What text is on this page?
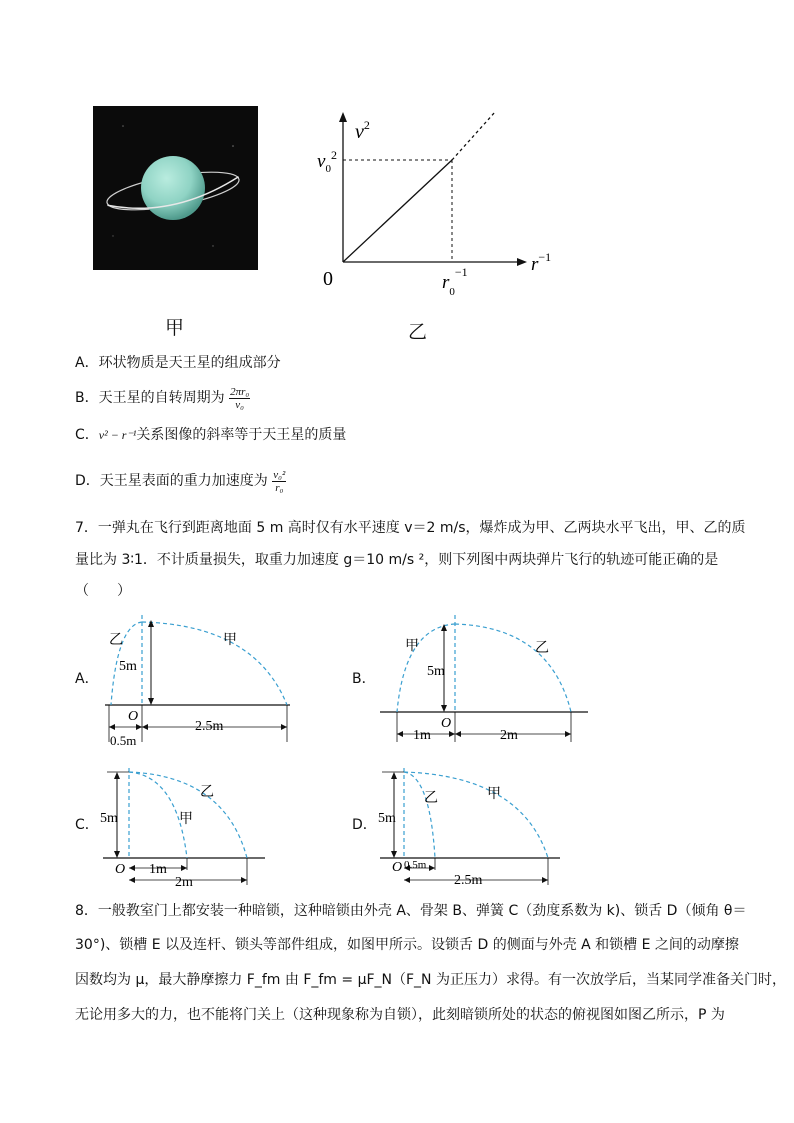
甲
$v^2$
$v_0^2$
0	$r_0^{-1}$	$r^{-1}$
乙
A．环状物质是天王星的组成部分
B．天王星的自转周期为 $\frac{\text{2πr₀}}{\text{v₀}}$
C．v² − r⁻¹关系图像的斜率等于天王星的质量
D．天王星表面的重力加速度为 $\frac{\text{v₀²}}{\text{r₀}}$
7．一弹丸在飞行到距离地面 5 m 高时仅有水平速度 v＝2 m/s，爆炸成为甲、乙两块水平飞出，甲、乙的质
量比为 3∶1．不计质量损失，取重力加速度 g＝10 m/s ²，则下列图中两块弹片飞行的轨迹可能正确的是
（　　）
A．
乙	甲
5m
O
0.5m
2.5m
B．
甲	乙
5m
O
1m	2m
C．	甲
乙
5m
O 1m
2m
D．
乙	甲
5m
O 0.5m
2.5m
8．一般教室门上都安装一种暗锁，这种暗锁由外壳 A、骨架 B、弹簧 C（劲度系数为 k)、锁舌 D（倾角 θ＝
30°)、锁槽 E 以及连杆、锁头等部件组成，如图甲所示。设锁舌 D 的侧面与外壳 A 和锁槽 E 之间的动摩擦
因数均为 μ，最大静摩擦力 F_fm 由 F_fm = μF_N（F_N 为正压力）求得。有一次放学后，当某同学准备关门时，
无论用多大的力，也不能将门关上（这种现象称为自锁），此刻暗锁所处的状态的俯视图如图乙所示，P 为
